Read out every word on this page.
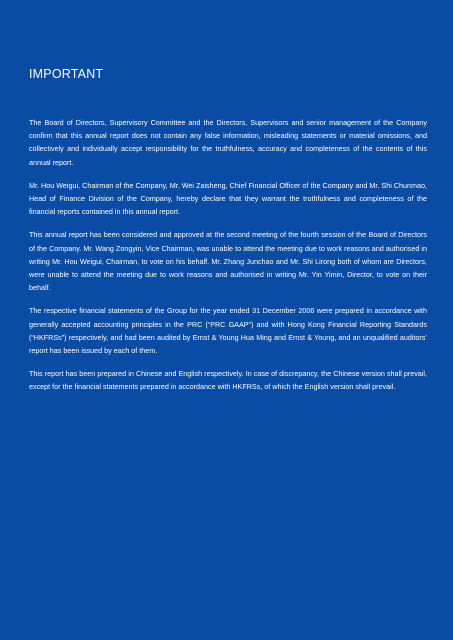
IMPORTANT

The Board of Directors, Supervisory Committee and the Directors, Supervisors and senior management of the Company confirm that this annual report does not contain any false information, misleading statements or material omissions, and collectively and individually accept responsibility for the truthfulness, accuracy and completeness of the contents of this annual report.

Mr. Hou Weigui, Chairman of the Company, Mr. Wei Zaisheng, Chief Financial Officer of the Company and Mr. Shi Chunmao, Head of Finance Division of the Company, hereby declare that they warrant the truthfulness and completeness of the financial reports contained in this annual report.

This annual report has been considered and approved at the second meeting of the fourth session of the Board of Directors of the Company. Mr. Wang Zongyin, Vice Chairman, was unable to attend the meeting due to work reasons and authorised in writing Mr. Hou Weigui, Chairman, to vote on his behalf. Mr. Zhang Junchao and Mr. Shi Lirong both of whom are Directors, were unable to attend the meeting due to work reasons and authorised in writing Mr. Yin Yimin, Director, to vote on their behalf.

The respective financial statements of the Group for the year ended 31 December 2006 were prepared in accordance with generally accepted accounting principles in the PRC (“PRC GAAP”) and with Hong Kong Financial Reporting Standards (“HKFRSs”) respectively, and had been audited by Ernst & Young Hua Ming and Ernst & Young, and an unqualified auditors’ report has been issued by each of them.

This report has been prepared in Chinese and English respectively. In case of discrepancy, the Chinese version shall prevail, except for the financial statements prepared in accordance with HKFRSs, of which the English version shall prevail.
